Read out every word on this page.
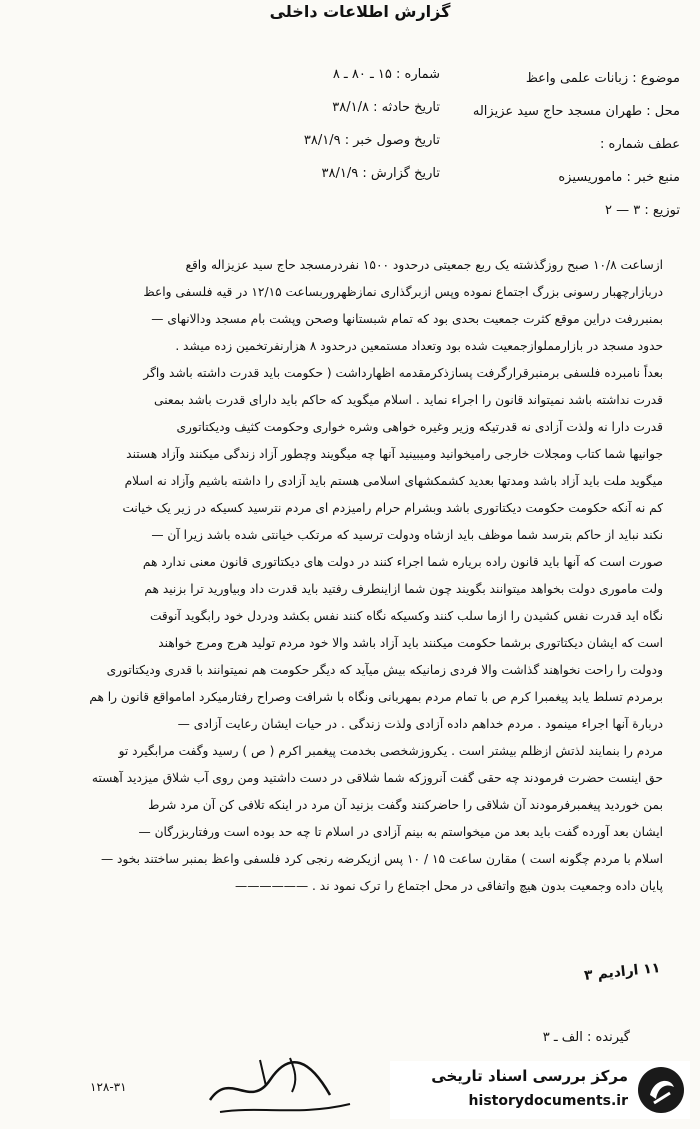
گزارش اطلاعات داخلی
موضوع : زبانات علمی واعظ
محل : طهران مسجد حاج سید عزیزاله
عطف شماره :
منبع خبر : ماموریسیزه
توزیع : ۳ — ۲
شماره : ۱۵ ـ ۸۰ ـ ۸
تاریخ حادثه : ۳۸/۱/۸
تاریخ وصول خبر : ۳۸/۱/۹
تاریخ گزارش : ۳۸/۱/۹
ازساعت ۱۰/۸ صبح روزگذشته یک ربع جمعیتی درحدود ۱۵۰۰ نفردرمسجد حاج سید عزیزاله واقع
دربازارچهبار رسونی بزرگ اجتماع نموده وپس ازبرگذاری نمازظهروربساعت ۱۲/۱۵ در قیه فلسفی واعظ
بمنبررفت دراین موقع کثرت جمعیت بحدی بود که تمام شبستانها وصحن وپشت بام مسجد ودالانهای —
حدود مسجد در بازارمملوازجمعیت شده بود وتعداد مستمعین درحدود ۸ هزارنفرتخمین زده میشد .
بعداً نامبرده فلسفی برمنبرقرارگرفت پسازذکرمقدمه اظهارداشت ( حکومت باید قدرت داشته باشد واگر
قدرت نداشته باشد نمیتواند قانون را اجراء نماید . اسلام میگوید که حاکم باید دارای قدرت باشد بمعنی
قدرت دارا نه ولذت آزادی نه قدرتیکه وزیر وغیره خواهی وشره خواری وحکومت کثیف ودیکتاتوری
جوانیها شما کتاب ومجلات خارجی رامیخوانید ومیبینید آنها چه میگویند وچطور آزاد زندگی میکنند وآزاد هستند
میگوید ملت باید آزاد باشد ومدتها بعدید کشمکشهای اسلامی هستم باید آزادی را داشته باشیم وآزاد نه اسلام
کم نه آنکه حکومت حکومت دیکتاتوری باشد وبشرام حرام رامیزدم ای مردم نترسید کسیکه در زیر یک خیانت
نکند نباید از حاکم بترسد شما موظف باید ازشاه ودولت ترسید که مرتکب خیانتی شده باشد زیرا آن —
صورت است که آنها باید قانون راده بریاره شما اجراء کنند در دولت های دیکتاتوری قانون معنی ندارد هم
ولت ماموری دولت بخواهد میتوانند بگویند چون شما ازاینطرف رفتید باید قدرت داد وبیاورید ترا بزنید هم
نگاه اید قدرت نفس کشیدن را ازما سلب کنند وکسیکه نگاه کنند نفس بکشد ودردل خود رابگوید آنوقت
است که ایشان دیکتاتوری برشما حکومت میکنند باید آزاد باشد والا خود مردم تولید هرج ومرج خواهند
ودولت را راحت نخواهند گذاشت والا فردی زمانیکه بیش میآید که دیگر حکومت هم نمیتوانند با قدری ودیکتاتوری
برمردم تسلط یابد پیغمبرا کرم ص با تمام مردم بمهربانی ونگاه با شرافت وصراح رفتارمیکرد امامواقع قانون را هم
دربارة آنها اجراء مینمود . مردم خداهم داده آزادی ولذت زندگی . در حیات ایشان رعایت آزادی —
مردم را بنمایند لذتش ازظلم بیشتر است . یکروزشخصی بخدمت پیغمبر اکرم ( ص ) رسید وگفت مرابگیرد تو
حق اینست حضرت فرمودند چه حقی گفت آنروزکه شما شلاقی در دست داشتید ومن روی آب شلاق میزدید آهسته
بمن خوردید پیغمبرفرمودند آن شلاقی را حاضرکنند وگفت بزنید آن مرد در اینکه تلافی کن آن مرد شرط
ایشان بعد آورده گفت باید بعد من میخواستم به بینم آزادی در اسلام تا چه حد بوده است ورفتاربزرگان —
اسلام با مردم چگونه است ) مقارن ساعت ۱۵ / ۱۰ پس ازیکرضه رنجی کرد فلسفی واعظ بمنبر ساختند بخود —
پایان داده وجمعیت بدون هیچ واتفاقی در محل اجتماع را ترک نمود ند . ——————
۱۱ ارادیم ۳
گیرنده : الف ـ ۳
۱۲۸-۳۱
مرکز بررسی اسناد تاریخی
historydocuments.ir
